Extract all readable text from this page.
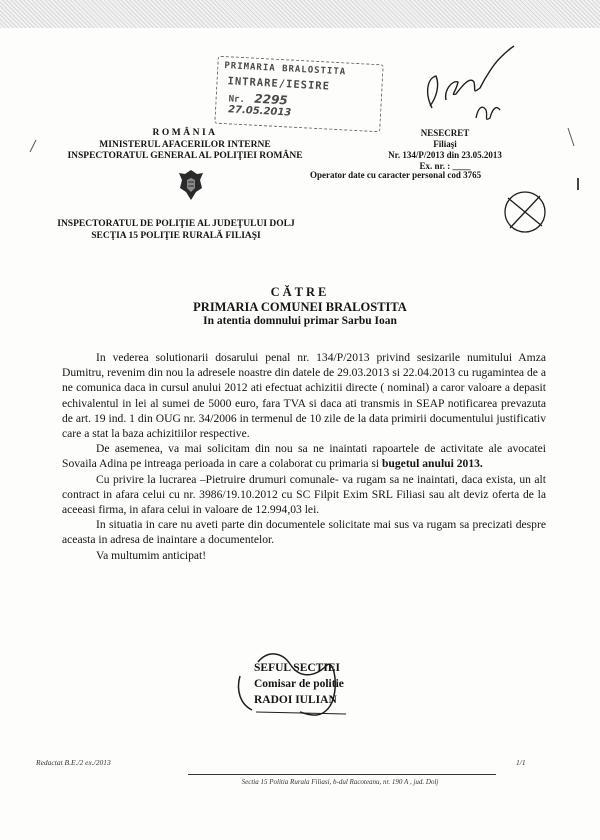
PRIMARIA BRALOSTITA
INTRARE/IESIRE
Nr. 2295
27.05.2013
ROMÂNIA
MINISTERUL AFACERILOR INTERNE
INSPECTORATUL GENERAL AL POLIŢIEI ROMÂNE
NESECRET
Filiaşi
Nr. 134/P/2013 din 23.05.2013
Ex. nr. : ____
Operator date cu caracter personal cod 3765
INSPECTORATUL DE POLIŢIE AL JUDEŢULUI DOLJ
SECŢIA 15 POLIŢIE RURALĂ FILIAŞI
CĂTRE
PRIMARIA COMUNEI BRALOSTITA
In atentia domnului primar Sarbu Ioan

In vederea solutionarii dosarului penal nr. 134/P/2013 privind sesizarile numitului Amza Dumitru, revenim din nou la adresele noastre din datele de 29.03.2013 si 22.04.2013 cu rugamintea de a ne comunica daca in cursul anului 2012 ati efectuat achizitii directe ( nominal) a caror valoare a depasit echivalentul in lei al sumei de 5000 euro, fara TVA si daca ati transmis in SEAP notificarea prevazuta de art. 19 ind. 1 din OUG nr. 34/2006 in termenul de 10 zile de la data primirii documentului justificativ care a stat la baza achizitiilor respective.

De asemenea, va mai solicitam din nou sa ne inaintati rapoartele de activitate ale avocatei Sovaila Adina pe intreaga perioada in care a colaborat cu primaria si bugetul anului 2013.

Cu privire la lucrarea –Pietruire drumuri comunale- va rugam sa ne inaintati, daca exista, un alt contract in afara celui cu nr. 3986/19.10.2012 cu SC Filpit Exim SRL Filiasi sau alt deviz oferta de la aceeasi firma, in afara celui in valoare de 12.994,03 lei.

In situatia in care nu aveti parte din documentele solicitate mai sus va rugam sa precizati despre aceasta in adresa de inaintare a documentelor.

Va multumim anticipat!

SEFUL SECTIEI
Comisar de politie
RADOI IULIAN
Redactat B.E./2 ex./2013	1/1
Sectia 15 Politia Rurala Filiasi, b-dul Racoteanu, nr. 190 A , jud. Dolj
